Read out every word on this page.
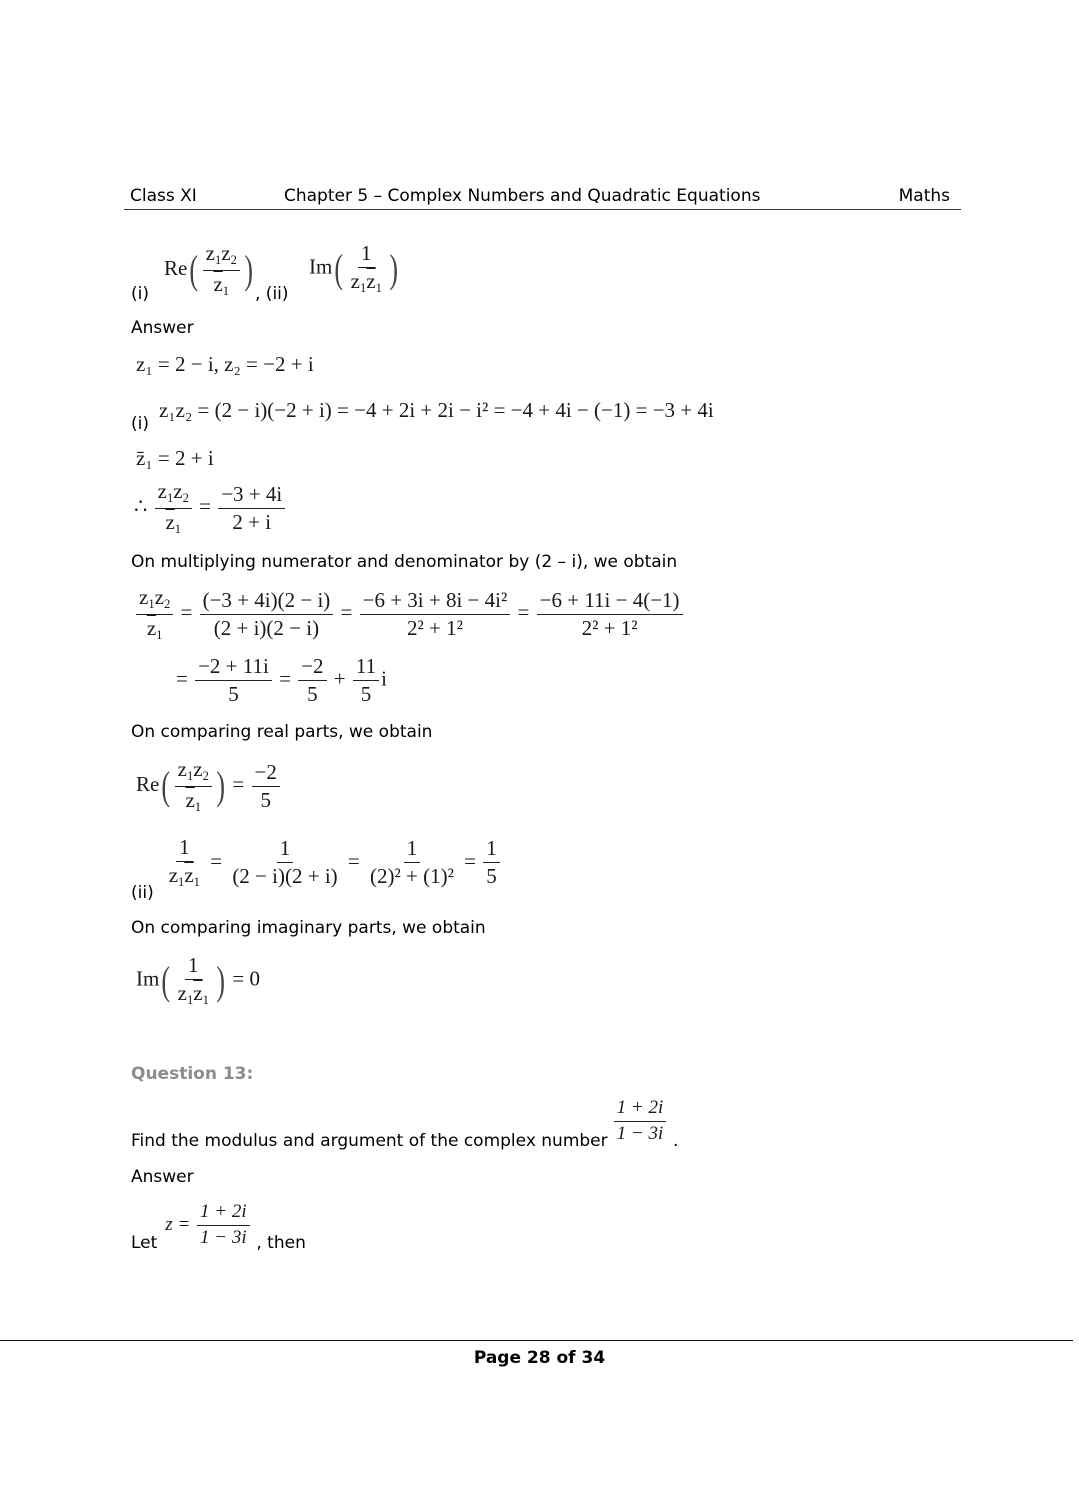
Class XI	Chapter 5 – Complex Numbers and Quadratic Equations	Maths
(i)
$Re( \frac{z_1z_2}{\overline{z}_1}$ )
, (ii)
$Im( \frac{1}{z_1\overline{z}_1}$ )
Answer
z₁ = 2 − i, z₂ = −2 + i
(i) z₁z₂ = (2 − i)(−2 + i) = −4 + 2i + 2i − i² = −4 + 4i − (−1) = −3 + 4i
z̄₁ = 2 + i
∴ $\frac{z_1z_2}{\overline{z}_1} = \frac{-3 + 4i}{2 + i}$
On multiplying numerator and denominator by (2 – i), we obtain
$\frac{z_1z_2}{\overline{z}_1} = \frac{(-3 + 4i)(2 - i)}{(2 + i)(2 - i)} = \frac{\text{−6 + 3i + 8i − 4i²}}{\text{2² + 1²}} = \frac{-6 + 11i - 4(-1)}{\text{2² + 1²}}$
= $\frac{-2 + 11i}{5} = \frac{-2}{5} + \frac{11}{5}$ i
On comparing real parts, we obtain
$Re( \frac{z_1z_2}{\overline{z}_1}$ ) = $\frac{-2}{5}$
(ii)
$\frac{1}{z_1\overline{z}_1} = \frac{1}{(2 - i)(2 + i)} = \frac{1}{\text{(2)² + (1)²}} = \frac{1}{5}$
On comparing imaginary parts, we obtain
$Im( \frac{1}{z_1\overline{z}_1}$ ) = 0
Question 13:
Find the modulus and argument of the complex number $\frac{1 + 2i}{1 - 3i}$ .
Answer
Let $z = \frac{1 + 2i}{1 - 3i}$ , then
Page 28 of 34
